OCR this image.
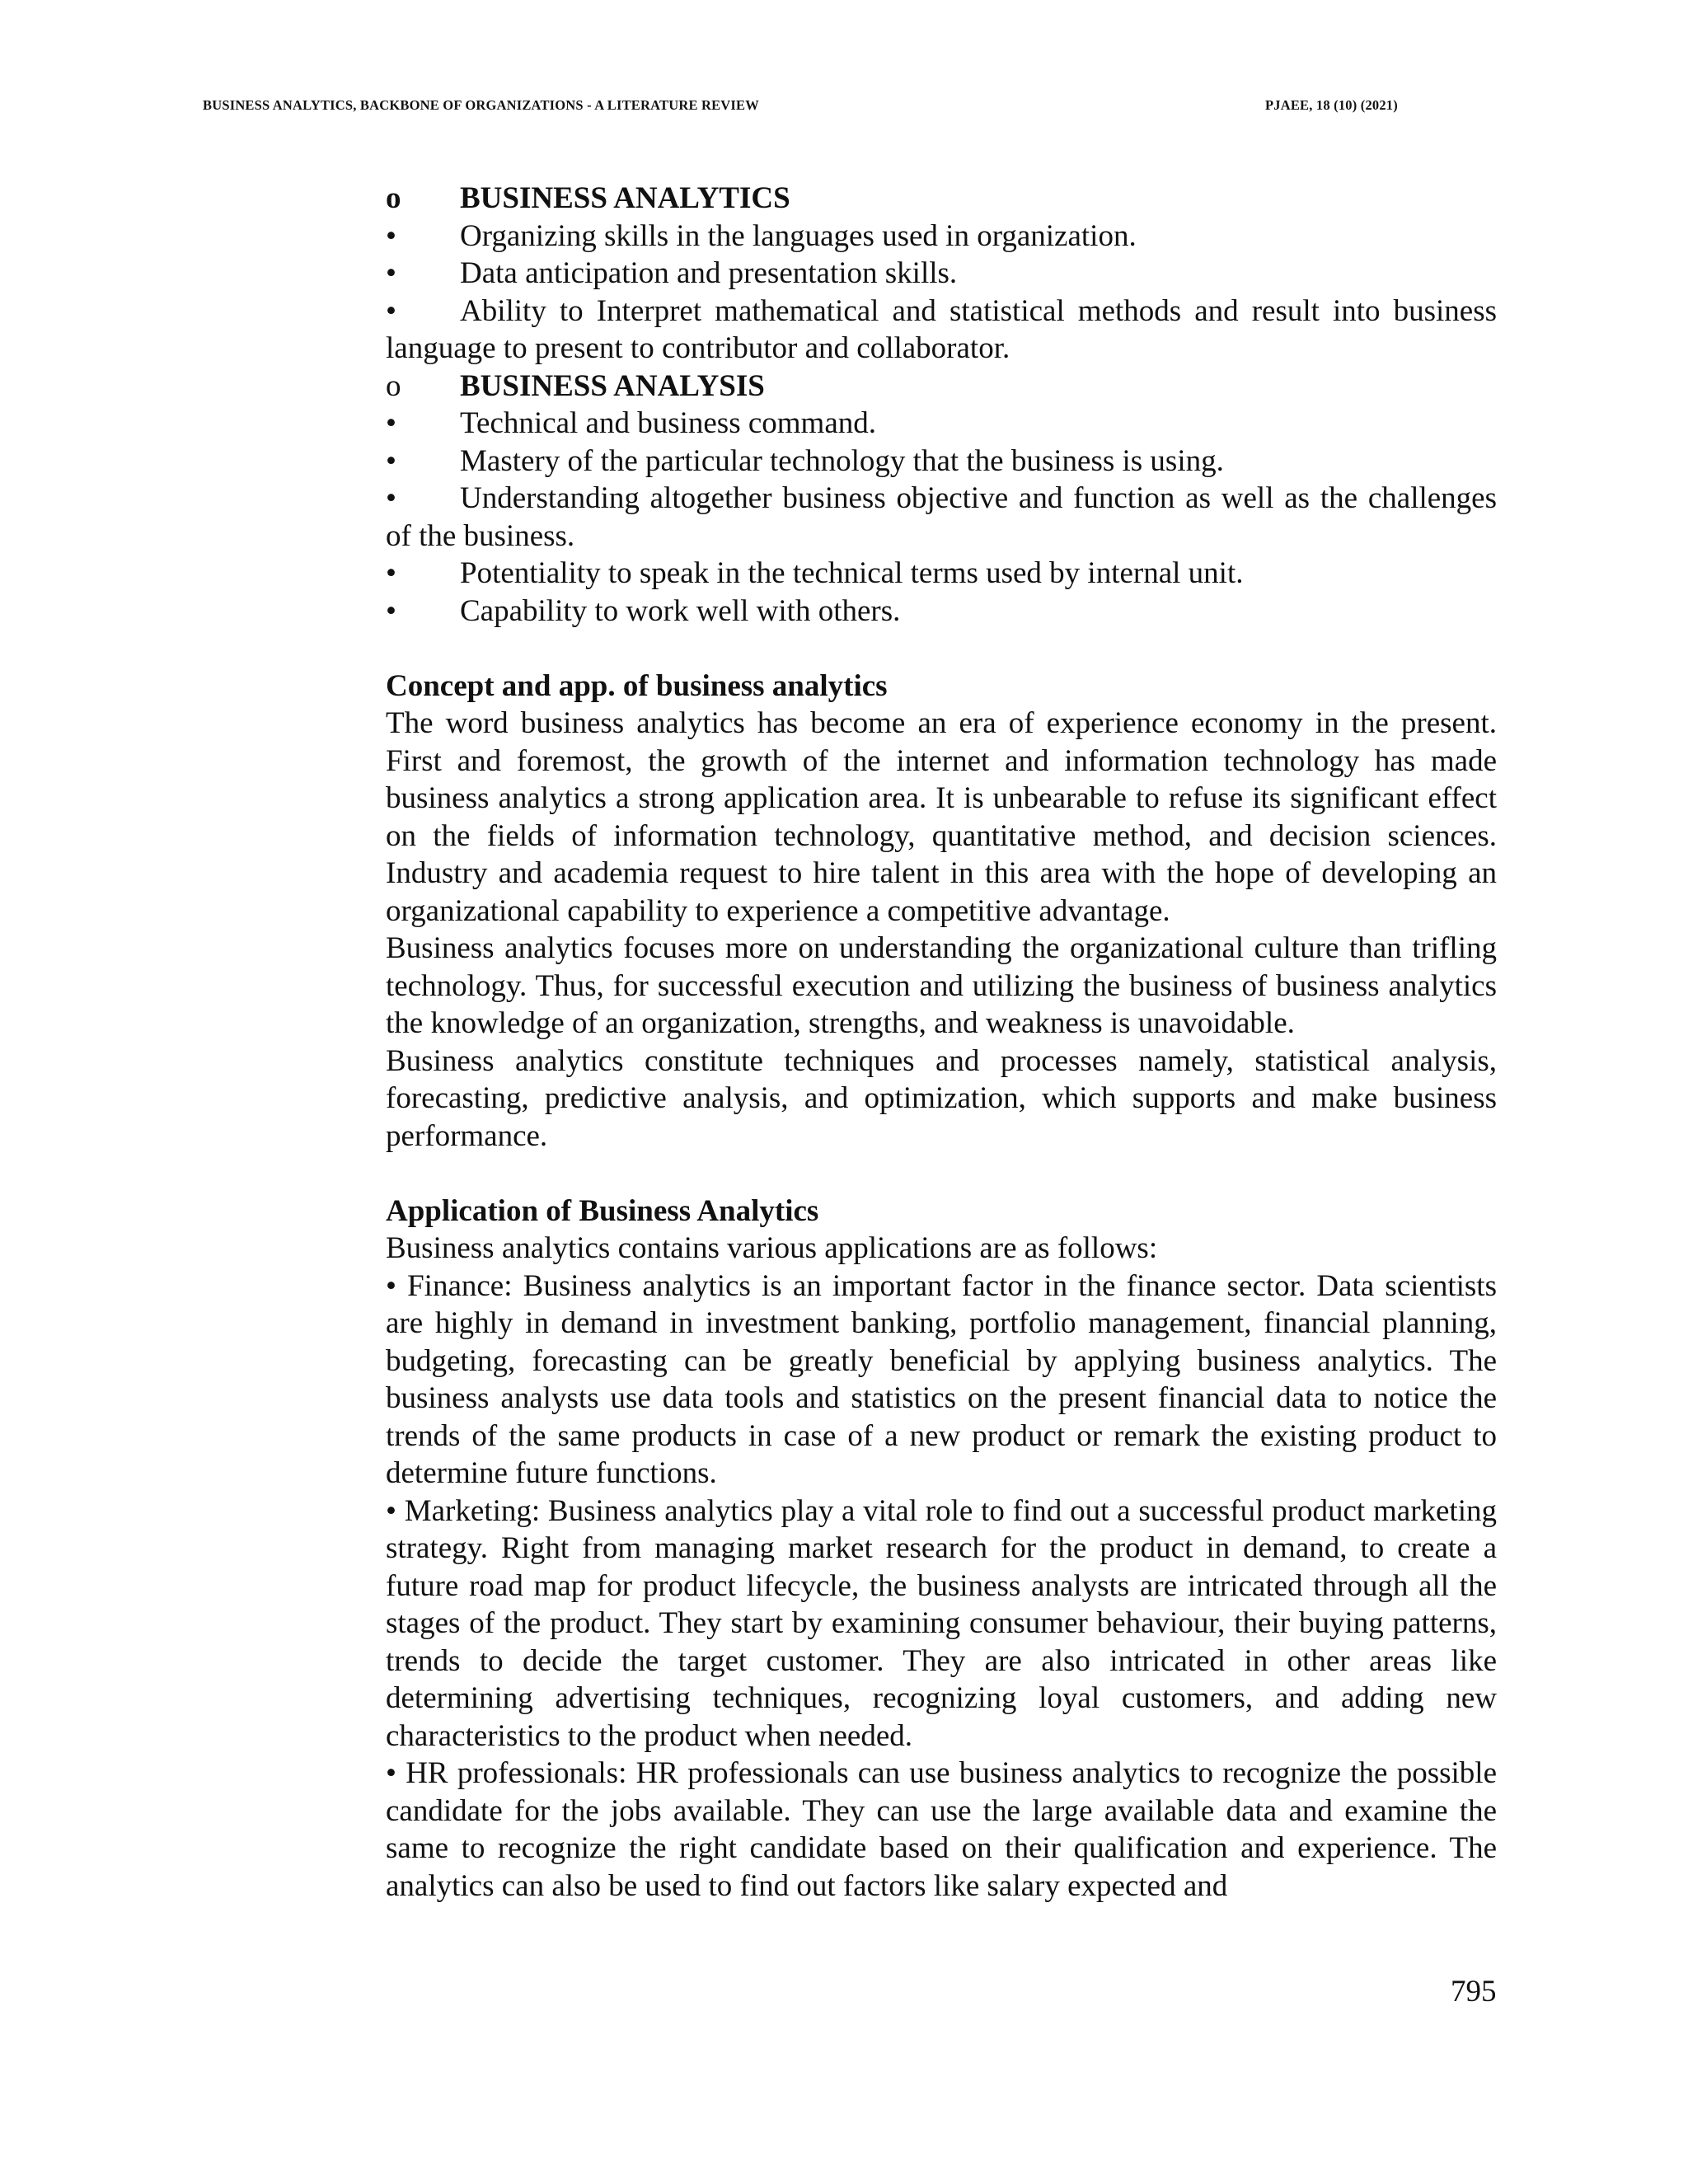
BUSINESS ANALYTICS, BACKBONE OF ORGANIZATIONS - A LITERATURE REVIEW	PJAEE, 18 (10) (2021)
o BUSINESS ANALYTICS
• Organizing skills in the languages used in organization.
• Data anticipation and presentation skills.
• Ability to Interpret mathematical and statistical methods and result into business language to present to contributor and collaborator.
o BUSINESS ANALYSIS
• Technical and business command.
• Mastery of the particular technology that the business is using.
• Understanding altogether business objective and function as well as the challenges of the business.
• Potentiality to speak in the technical terms used by internal unit.
• Capability to work well with others.
Concept and app. of business analytics

The word business analytics has become an era of experience economy in the present. First and foremost, the growth of the internet and information technology has made business analytics a strong application area. It is unbearable to refuse its significant effect on the fields of information technology, quantitative method, and decision sciences. Industry and academia request to hire talent in this area with the hope of developing an organizational capability to experience a competitive advantage.

Business analytics focuses more on understanding the organizational culture than trifling technology. Thus, for successful execution and utilizing the business of business analytics the knowledge of an organization, strengths, and weakness is unavoidable.

Business analytics constitute techniques and processes namely, statistical analysis, forecasting, predictive analysis, and optimization, which supports and make business performance.

Application of Business Analytics

Business analytics contains various applications are as follows:

• Finance: Business analytics is an important factor in the finance sector. Data scientists are highly in demand in investment banking, portfolio management, financial planning, budgeting, forecasting can be greatly beneficial by applying business analytics. The business analysts use data tools and statistics on the present financial data to notice the trends of the same products in case of a new product or remark the existing product to determine future functions.

• Marketing: Business analytics play a vital role to find out a successful product marketing strategy. Right from managing market research for the product in demand, to create a future road map for product lifecycle, the business analysts are intricated through all the stages of the product. They start by examining consumer behaviour, their buying patterns, trends to decide the target customer. They are also intricated in other areas like determining advertising techniques, recognizing loyal customers, and adding new characteristics to the product when needed.

• HR professionals: HR professionals can use business analytics to recognize the possible candidate for the jobs available. They can use the large available data and examine the same to recognize the right candidate based on their qualification and experience. The analytics can also be used to find out factors like salary expected and

795
